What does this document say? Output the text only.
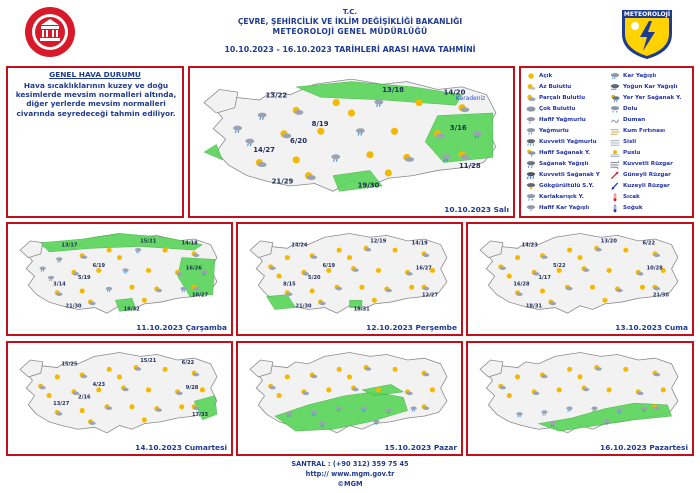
T.C.
ÇEVRE, ŞEHİRCİLİK VE İKLİM DEĞİŞİKLİĞİ BAKANLIĞI
METEOROLOJİ GENEL MÜDÜRLÜĞÜ
10.10.2023 - 16.10.2023 TARİHLERİ ARASI HAVA TAHMİNİ
METEOROLOJİ
GENEL HAVA DURUMU
Hava sıcaklıklarının kuzey ve doğu kesimlerde mevsim normalleri altında, diğer yerlerde mevsim normalleri civarında seyredeceği tahmin ediliyor.
13/22
13/18	14/20
8/19
6/20
14/27
3/16
11/28
21/29	19/30
Karadeniz
10.10.2023 Salı
Açık	** Kar Yağışlı
Az Bulutlu	*** Yoğun Kar Yağışlı
Parçalı Bulutlu	Yer Yer Sağanak Y.
Çok Bulutlu	Dolu
Hafif Yağmurlu	Duman
Yağmurlu	Kum Fırtınası
Kuvvetli Yağmurlu	Sisli
Hafif Sağanak Y.	Puslu
Sağanak Yağışlı	Kuvvetli Rüzgar
Kuvvetli Sağanak Y	Güneyli Rüzgar
Gökgürültülü S.Y.	Kuzeyli Rüzgar
Karlakarışık Y.	Sıcak
* Hafif Kar Yağışlı	Soğuk
13/17
15/21	14/18
6/19
5/19
3/14
16/26
10/27
21/30	18/32
11.10.2023 Çarşamba
14/24
12/19	14/19
6/19
5/20
8/15
16/27
12/27
21/30	18/31
12.10.2023 Perşembe
14/23
13/20	6/22
5/22
1/17
16/28
10/28
21/30
18/31
13.10.2023 Cuma
15/25
15/21	6/22
4/23
2/16
13/27
9/28
17/33
14.10.2023 Cumartesi	15.10.2023 Pazar	16.10.2023 Pazartesi
SANTRAL : (+90 312) 359 75 45
http:// www.mgm.gov.tr
©MGM
